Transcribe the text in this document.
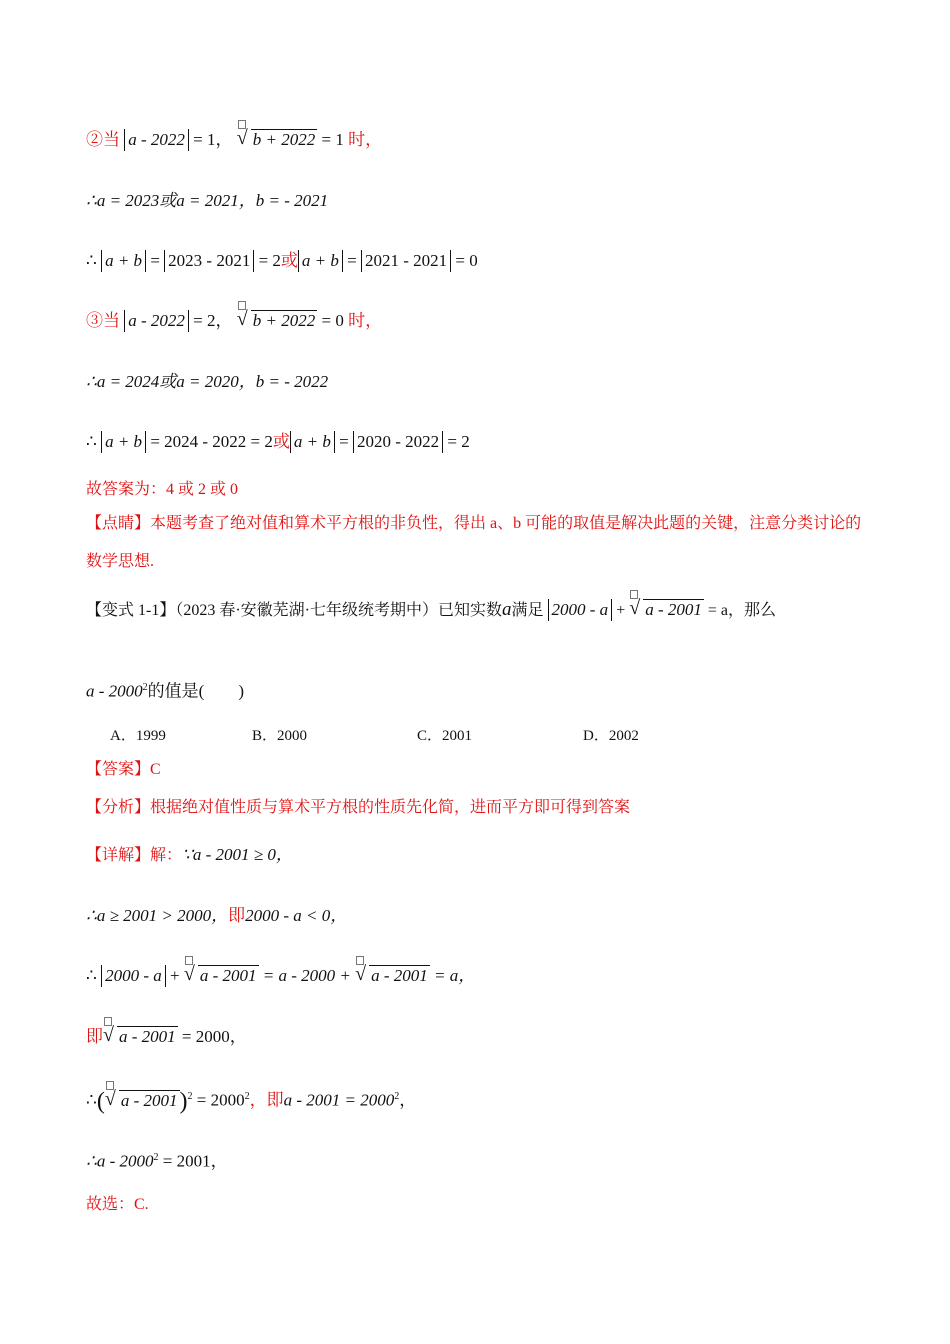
②当 a - 2022 = 1， √ b + 2022 = 1 时，
∴a = 2023或a = 2021，b = - 2021
∴ a + b = 2023 - 2021 = 2或 a + b = 2021 - 2021 = 0
③当 a - 2022 = 2， √ b + 2022 = 0 时，
∴a = 2024或a = 2020，b = - 2022
∴ a + b = 2024 - 2022 = 2或 a + b = 2020 - 2022 = 2
故答案为：4 或 2 或 0
【点睛】本题考查了绝对值和算术平方根的非负性，得出 a、b 可能的取值是解决此题的关键，注意分类讨论的数学思想.
【变式 1-1】（2023 春·安徽芜湖·七年级统考期中）已知实数a满足 2000 - a + √ a - 2001 = a，那么
a - 2000$^2$的值是(　　)
A．1999	B．2000	C．2001	D．2002
【答案】C
【分析】根据绝对值性质与算术平方根的性质先化简，进而平方即可得到答案
【详解】解：∵a - 2001 ≥ 0，
∴a ≥ 2001 > 2000，即2000 - a < 0，
∴ 2000 - a + √ a - 2001 = a - 2000 + √ a - 2001 = a，
即 √ a - 2001 = 2000，
∴( √ $a - 2001)^2 = 2000^2$，即$a - 2001 = 2000^2$，
∴a - $2000^2 = 2001$，
故选：C.
